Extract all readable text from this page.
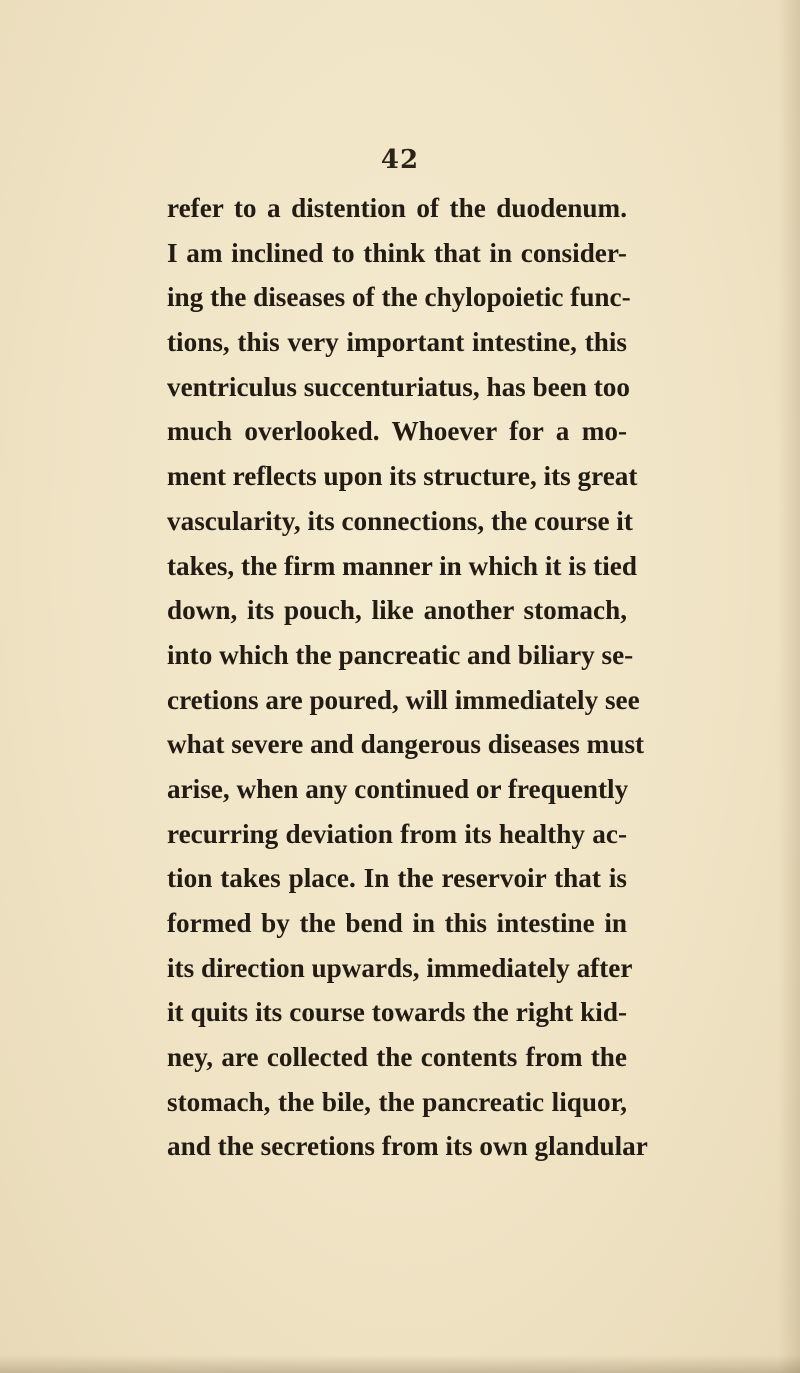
42
refer to a distention of the duodenum.
I am inclined to think that in consider-
ing the diseases of the chylopoietic func-
tions, this very important intestine, this
ventriculus succenturiatus, has been too
much overlooked. Whoever for a mo-
ment reflects upon its structure, its great
vascularity, its connections, the course it
takes, the firm manner in which it is tied
down, its pouch, like another stomach,
into which the pancreatic and biliary se-
cretions are poured, will immediately see
what severe and dangerous diseases must
arise, when any continued or frequently
recurring deviation from its healthy ac-
tion takes place. In the reservoir that is
formed by the bend in this intestine in
its direction upwards, immediately after
it quits its course towards the right kid-
ney, are collected the contents from the
stomach, the bile, the pancreatic liquor,
and the secretions from its own glandular
